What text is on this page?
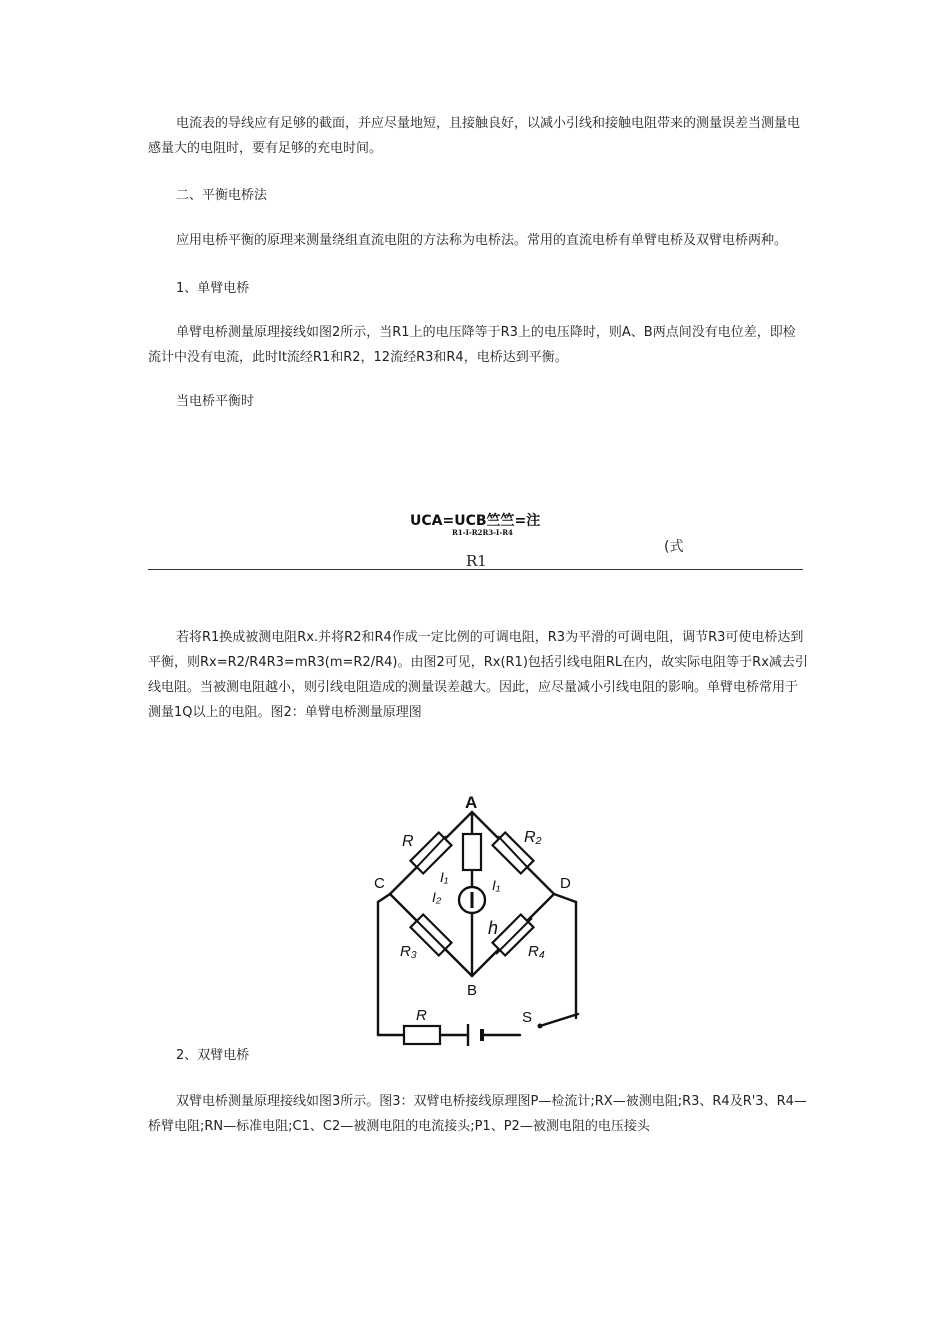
电流表的导线应有足够的截面，并应尽量地短，且接触良好，以减小引线和接触电阻带来的测量误差当测量电感量大的电阻时，要有足够的充电时间。

二、平衡电桥法

应用电桥平衡的原理来测量绕组直流电阻的方法称为电桥法。常用的直流电桥有单臂电桥及双臂电桥两种。

1、单臂电桥

单臂电桥测量原理接线如图2所示，当R1上的电压降等于R3上的电压降时，则A、B两点间没有电位差，即检流计中没有电流，此时It流经R1和R2，12流经R3和R4，电桥达到平衡。

当电桥平衡时

UCA=UCB竺竺=注
R1-I-R2R3-I-R4
(式
R1

若将R1换成被测电阻Rx.并将R2和R4作成一定比例的可调电阻，R3为平滑的可调电阻，调节R3可使电桥达到平衡，则Rx=R2/R4R3=mR3(m=R2/R4)。由图2可见，Rx(R1)包括引线电阻RL在内，故实际电阻等于Rx减去引线电阻。当被测电阻越小，则引线电阻造成的测量误差越大。因此，应尽量减小引线电阻的影响。单臂电桥常用于测量1Q以上的电阻。图2：单臂电桥测量原理图

A
B
C	D
R	R₂
R₃	R₄
I₁	I₁
I₂
h
R	S

2、双臂电桥

双臂电桥测量原理接线如图3所示。图3：双臂电桥接线原理图P—检流计;RX—被测电阻;R3、R4及R'3、R4—桥臂电阻;RN—标准电阻;C1、C2—被测电阻的电流接头;P1、P2—被测电阻的电压接头
